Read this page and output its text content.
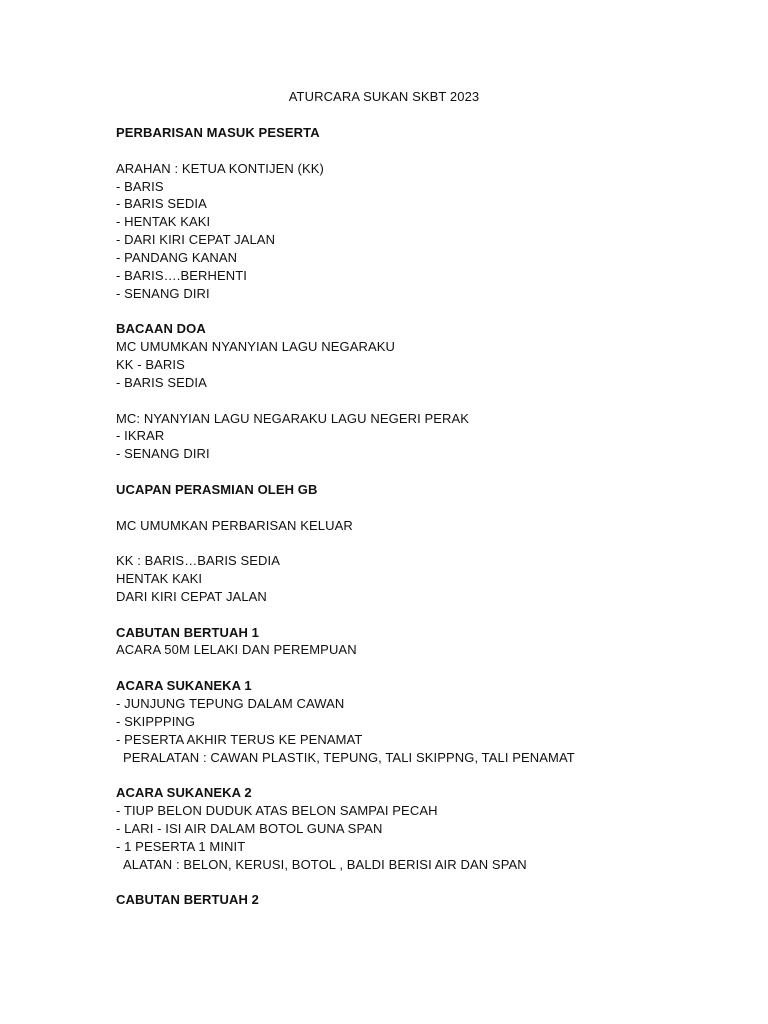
ATURCARA SUKAN SKBT 2023
PERBARISAN MASUK PESERTA
ARAHAN : KETUA KONTIJEN (KK)
- BARIS
- BARIS SEDIA
- HENTAK KAKI
- DARI KIRI CEPAT JALAN
- PANDANG KANAN
- BARIS….BERHENTI
- SENANG DIRI
BACAAN DOA
MC UMUMKAN NYANYIAN LAGU NEGARAKU
KK - BARIS
- BARIS SEDIA
MC: NYANYIAN LAGU NEGARAKU LAGU NEGERI PERAK
- IKRAR
- SENANG DIRI
UCAPAN PERASMIAN OLEH GB
MC UMUMKAN PERBARISAN KELUAR
KK : BARIS…BARIS SEDIA
HENTAK KAKI
DARI KIRI CEPAT JALAN
CABUTAN BERTUAH 1
ACARA 50M LELAKI DAN PEREMPUAN
ACARA SUKANEKA 1
- JUNJUNG TEPUNG DALAM CAWAN
- SKIPPPING
- PESERTA AKHIR TERUS KE PENAMAT
PERALATAN : CAWAN PLASTIK, TEPUNG, TALI SKIPPNG, TALI PENAMAT
ACARA SUKANEKA 2
- TIUP BELON DUDUK ATAS BELON SAMPAI PECAH
- LARI - ISI AIR DALAM BOTOL GUNA SPAN
- 1 PESERTA 1 MINIT
ALATAN : BELON, KERUSI, BOTOL , BALDI BERISI AIR DAN SPAN
CABUTAN BERTUAH 2
